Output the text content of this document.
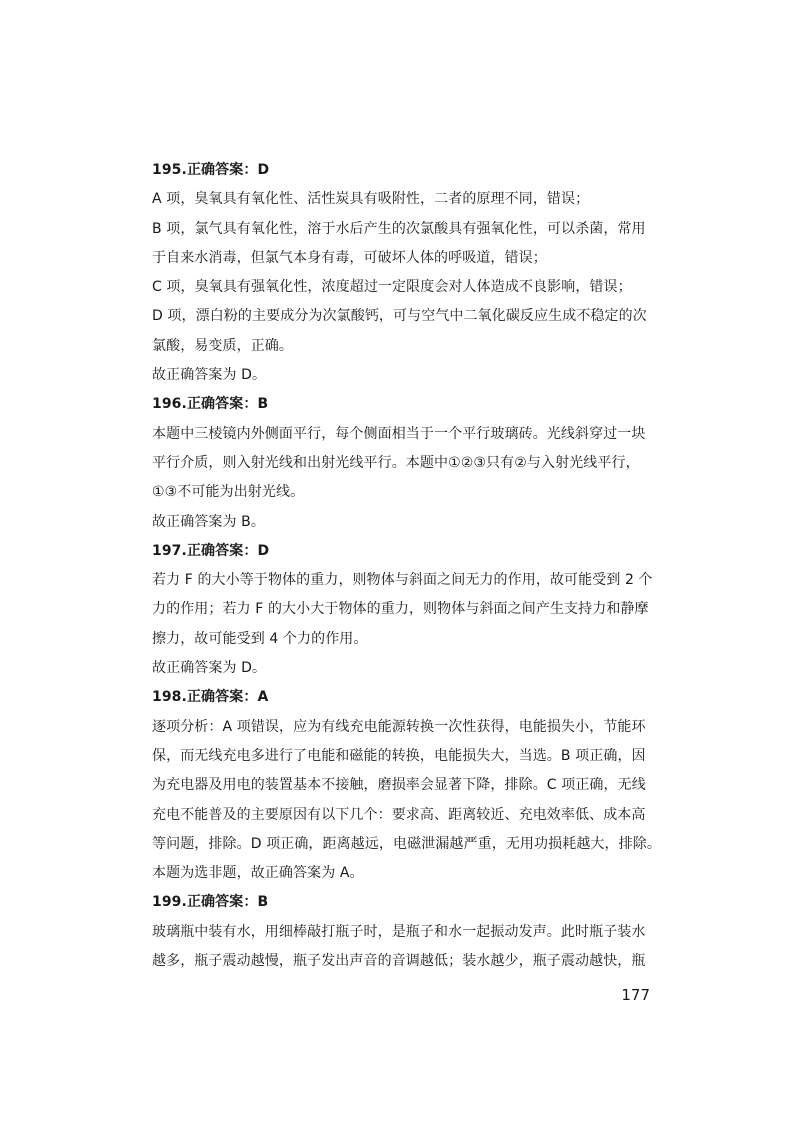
195.正确答案：D
A 项，臭氧具有氧化性、活性炭具有吸附性，二者的原理不同，错误；
B 项，氯气具有氧化性，溶于水后产生的次氯酸具有强氧化性，可以杀菌，常用
于自来水消毒，但氯气本身有毒，可破坏人体的呼吸道，错误；
C 项，臭氧具有强氧化性，浓度超过一定限度会对人体造成不良影响，错误；
D 项，漂白粉的主要成分为次氯酸钙，可与空气中二氧化碳反应生成不稳定的次
氯酸，易变质，正确。
故正确答案为 D。
196.正确答案：B
本题中三棱镜内外侧面平行，每个侧面相当于一个平行玻璃砖。光线斜穿过一块
平行介质，则入射光线和出射光线平行。本题中①②③只有②与入射光线平行，
①③不可能为出射光线。
故正确答案为 B。
197.正确答案：D
若力 F 的大小等于物体的重力，则物体与斜面之间无力的作用，故可能受到 2 个
力的作用；若力 F 的大小大于物体的重力，则物体与斜面之间产生支持力和静摩
擦力，故可能受到 4 个力的作用。
故正确答案为 D。
198.正确答案：A
逐项分析：A 项错误，应为有线充电能源转换一次性获得，电能损失小，节能环
保，而无线充电多进行了电能和磁能的转换，电能损失大，当选。B 项正确，因
为充电器及用电的装置基本不接触，磨损率会显著下降，排除。C 项正确，无线
充电不能普及的主要原因有以下几个：要求高、距离较近、充电效率低、成本高
等问题，排除。D 项正确，距离越远，电磁泄漏越严重，无用功损耗越大，排除。
本题为选非题，故正确答案为 A。
199.正确答案：B
玻璃瓶中装有水，用细棒敲打瓶子时，是瓶子和水一起振动发声。此时瓶子装水
越多，瓶子震动越慢，瓶子发出声音的音调越低；装水越少，瓶子震动越快，瓶
177
